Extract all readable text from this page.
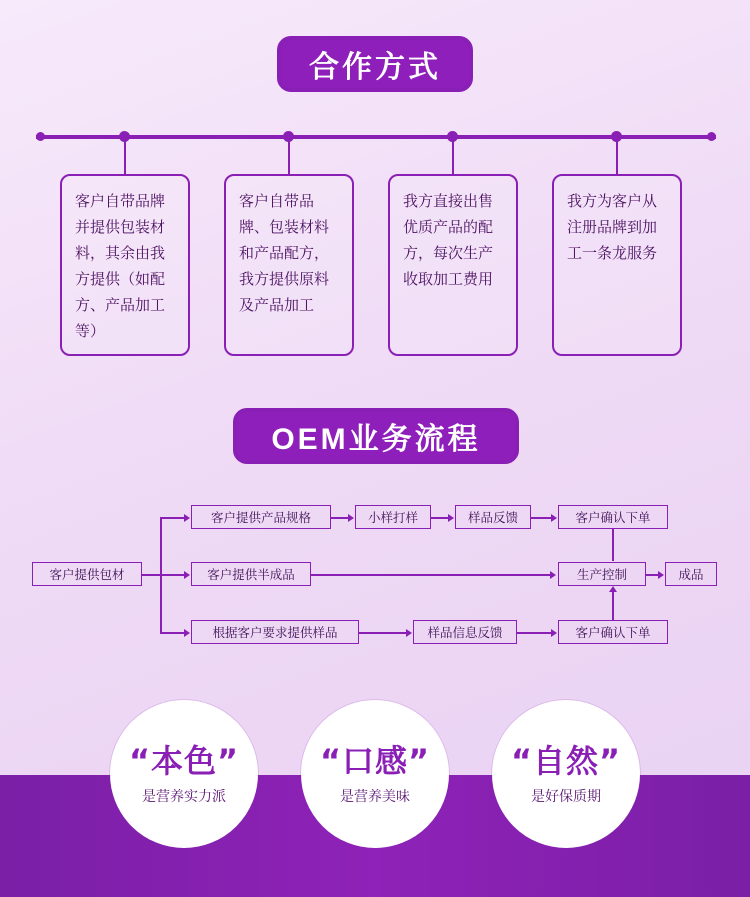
合作方式
客户自带品牌并提供包装材料，其余由我方提供（如配方、产品加工等）
客户自带品牌、包装材料和产品配方，我方提供原料及产品加工
我方直接出售优质产品的配方，每次生产收取加工费用
我方为客户从注册品牌到加工一条龙服务
OEM业务流程
客户提供包材
客户提供产品规格	小样打样	样品反馈	客户确认下单
客户提供半成品	生产控制	成品
根据客户要求提供样品	样品信息反馈	客户确认下单
“本色”
是营养实力派
“口感”
是营养美味
“自然”
是好保质期
